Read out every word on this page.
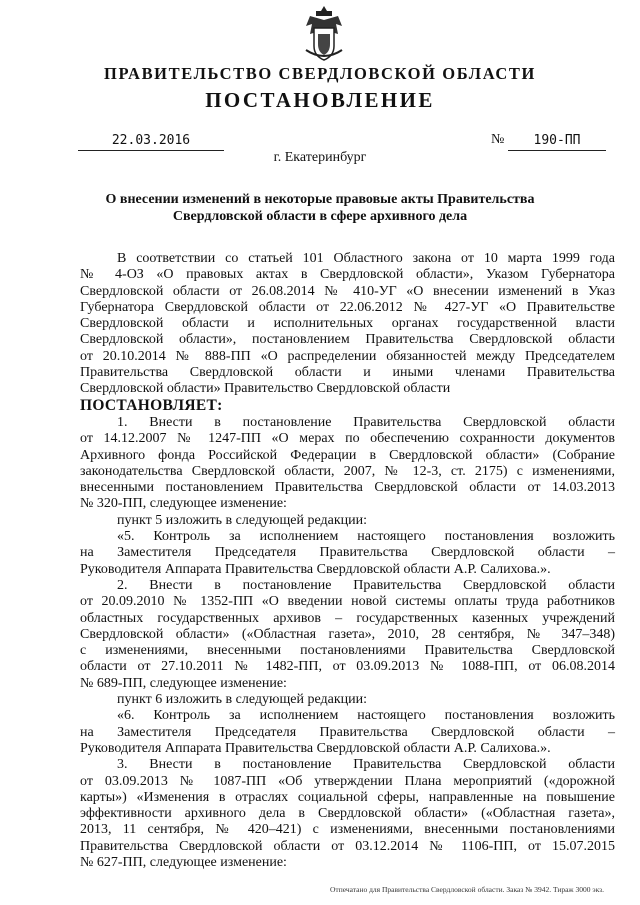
ПРАВИТЕЛЬСТВО СВЕРДЛОВСКОЙ ОБЛАСТИ
ПОСТАНОВЛЕНИЕ
22.03.2016	№	190-ПП
г. Екатеринбург
О внесении изменений в некоторые правовые акты Правительства
Свердловской области в сфере архивного дела

В соответствии со статьей 101 Областного закона от 10 марта 1999 года

№ 4-ОЗ «О правовых актах в Свердловской области», Указом Губернатора

Свердловской области от 26.08.2014 № 410-УГ «О внесении изменений в Указ

Губернатора Свердловской области от 22.06.2012 № 427-УГ «О Правительстве

Свердловской области и исполнительных органах государственной власти

Свердловской области», постановлением Правительства Свердловской области

от 20.10.2014 № 888-ПП «О распределении обязанностей между Председателем

Правительства Свердловской области и иными членами Правительства

Свердловской области» Правительство Свердловской области

ПОСТАНОВЛЯЕТ:

1. Внести в постановление Правительства Свердловской области

от 14.12.2007 № 1247-ПП «О мерах по обеспечению сохранности документов

Архивного фонда Российской Федерации в Свердловской области» (Собрание

законодательства Свердловской области, 2007, № 12-3, ст. 2175) с изменениями,

внесенными постановлением Правительства Свердловской области от 14.03.2013

№ 320-ПП, следующее изменение:

пункт 5 изложить в следующей редакции:

«5. Контроль за исполнением настоящего постановления возложить

на Заместителя Председателя Правительства Свердловской области –

Руководителя Аппарата Правительства Свердловской области А.Р. Салихова.».

2. Внести в постановление Правительства Свердловской области

от 20.09.2010 № 1352-ПП «О введении новой системы оплаты труда работников

областных государственных архивов – государственных казенных учреждений

Свердловской области» («Областная газета», 2010, 28 сентября, № 347–348)

с изменениями, внесенными постановлениями Правительства Свердловской

области от 27.10.2011 № 1482-ПП, от 03.09.2013 № 1088-ПП, от 06.08.2014

№ 689-ПП, следующее изменение:

пункт 6 изложить в следующей редакции:

«6. Контроль за исполнением настоящего постановления возложить

на Заместителя Председателя Правительства Свердловской области –

Руководителя Аппарата Правительства Свердловской области А.Р. Салихова.».

3. Внести в постановление Правительства Свердловской области

от 03.09.2013 № 1087-ПП «Об утверждении Плана мероприятий («дорожной

карты») «Изменения в отраслях социальной сферы, направленные на повышение

эффективности архивного дела в Свердловской области» («Областная газета»,

2013, 11 сентября, № 420–421) с изменениями, внесенными постановлениями

Правительства Свердловской области от 03.12.2014 № 1106-ПП, от 15.07.2015

№ 627-ПП, следующее изменение:

Отпечатано для Правительства Свердловской области. Заказ № 3942. Тираж 3000 экз.
